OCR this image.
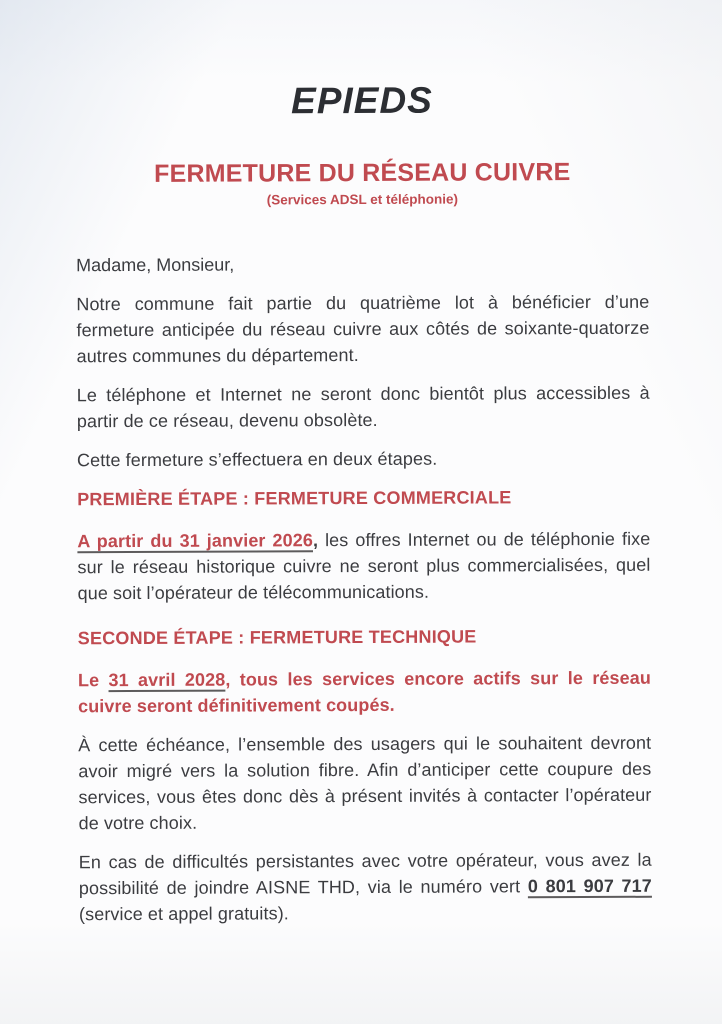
EPIEDS
FERMETURE DU RÉSEAU CUIVRE
(Services ADSL et téléphonie)

Madame, Monsieur,

Notre commune fait partie du quatrième lot à bénéficier d’une fermeture anticipée du réseau cuivre aux côtés de soixante-quatorze autres communes du département.

Le téléphone et Internet ne seront donc bientôt plus accessibles à partir de ce réseau, devenu obsolète.

Cette fermeture s’effectuera en deux étapes.

PREMIÈRE ÉTAPE : FERMETURE COMMERCIALE

A partir du 31 janvier 2026, les offres Internet ou de téléphonie fixe sur le réseau historique cuivre ne seront plus commercialisées, quel que soit l’opérateur de télécommunications.

SECONDE ÉTAPE : FERMETURE TECHNIQUE

Le 31 avril 2028, tous les services encore actifs sur le réseau cuivre seront définitivement coupés.

À cette échéance, l’ensemble des usagers qui le souhaitent devront avoir migré vers la solution fibre. Afin d’anticiper cette coupure des services, vous êtes donc dès à présent invités à contacter l’opérateur de votre choix.

En cas de difficultés persistantes avec votre opérateur, vous avez la possibilité de joindre AISNE THD, via le numéro vert 0 801 907 717 (service et appel gratuits).
